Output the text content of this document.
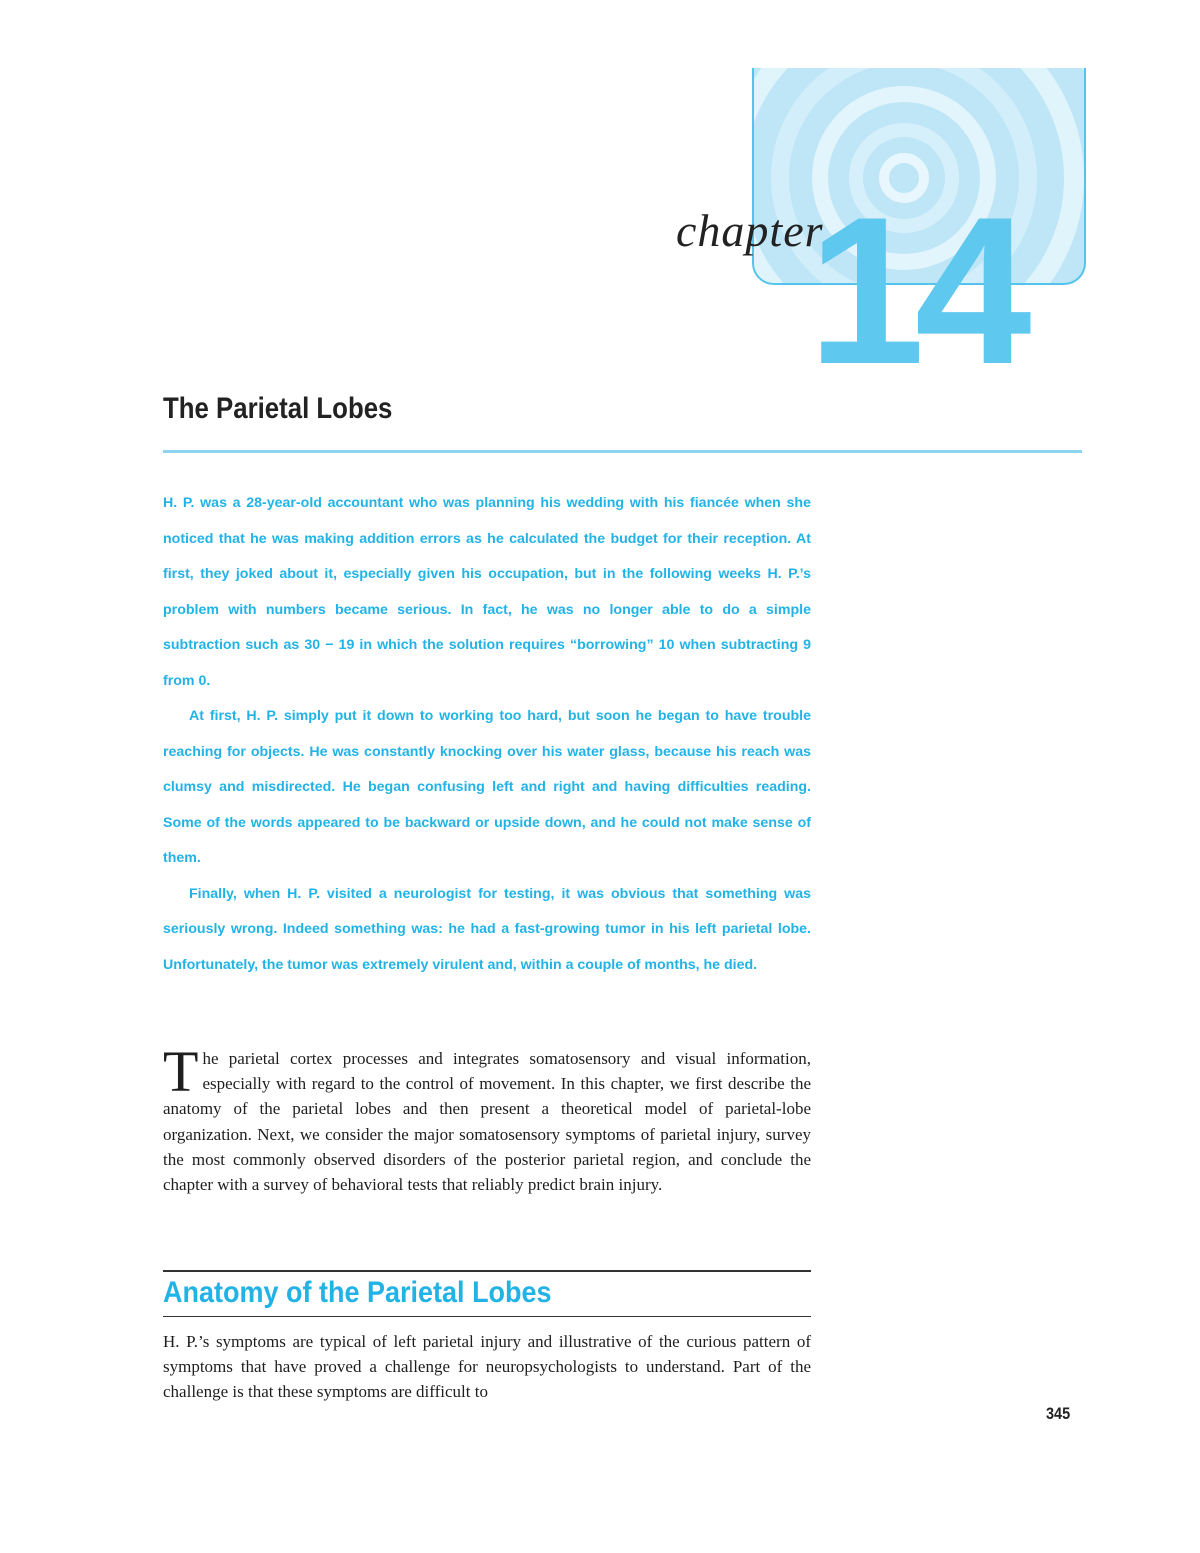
chapter
14
The Parietal Lobes

H. P. was a 28-year-old accountant who was planning his wedding with his fiancée when she noticed that he was making addition errors as he calculated the budget for their reception. At first, they joked about it, especially given his occupation, but in the following weeks H. P.’s problem with numbers became serious. In fact, he was no longer able to do a simple subtraction such as 30 − 19 in which the solution requires “borrowing” 10 when subtracting 9 from 0.

At first, H. P. simply put it down to working too hard, but soon he began to have trouble reaching for objects. He was constantly knocking over his water glass, because his reach was clumsy and misdirected. He began confusing left and right and having difficulties reading. Some of the words appeared to be backward or upside down, and he could not make sense of them.

Finally, when H. P. visited a neurologist for testing, it was obvious that something was seriously wrong. Indeed something was: he had a fast-growing tumor in his left parietal lobe. Unfortunately, the tumor was extremely virulent and, within a couple of months, he died.

The parietal cortex processes and integrates somatosensory and visual information, especially with regard to the control of movement. In this chapter, we first describe the anatomy of the parietal lobes and then present a theoretical model of parietal-lobe organization. Next, we consider the major somatosensory symptoms of parietal injury, survey the most commonly observed disorders of the posterior parietal region, and conclude the chapter with a survey of behavioral tests that reliably predict brain injury.

Anatomy of the Parietal Lobes

H. P.’s symptoms are typical of left parietal injury and illustrative of the curious pattern of symptoms that have proved a challenge for neuropsychologists to understand. Part of the challenge is that these symptoms are difficult to

345
